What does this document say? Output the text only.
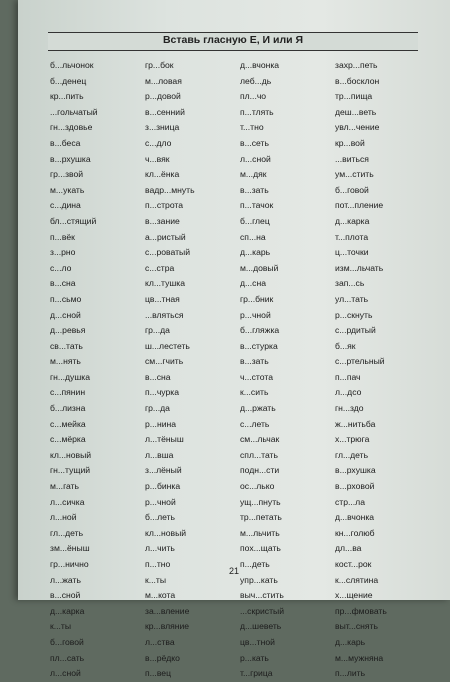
Вставь гласную Е, И или Я
б...льчонок
б...денец
кр...пить
...гольчатый
гн...здовье
в...беса
в...рхушка
гр...звой
м...укать
с...дина
бл...стящий
п...вёк
з...рно
с...ло
в...сна
п...сьмо
д...сной
д...ревья
св...тать
м...нять
гн...душка
с...пянин
б...лизна
с...мейка
с...мёрка
кл...новый
гн...тущий
м...гать
л...сичка
л...ной
гл...деть
зм...ёныш
гр...нично
л...жать
в...сной
д...карка
к...ты
б...говой
пл...сать
л...сной
гр...бок
м...ловая
р...довой
в...сенний
з...зница
с...дло
ч...вяк
кл...ёнка
вадр...мнуть
п...строта
в...зание
а...ристый
с...роватый
с...стра
кл...тушка
цв...тная
...вляться
гр...да
ш...лестеть
см...гчить
в...сна
п...чурка
гр...да
р...нина
л...тёныш
л...вша
з...лёный
р...бинка
р...чной
б...леть
кл...новый
л...чить
п...тно
к...ты
м...кота
за...вление
кр...вляние
л...ства
в...рёдко
п...вец
д...вчонка
леб...дь
пл...чо
п...тлять
т...тно
в...сеть
л...сной
м...дяк
в...зать
п...тачок
б...глец
сп...на
д...карь
м...довый
д...сна
гр...бник
р...чной
б...гляжка
в...стурка
в...зать
ч...стота
к...сить
д...ржать
с...леть
см...льчак
спл...тать
подн...сти
ос...лько
ущ...пнуть
тр...петать
м...льчить
пох...щать
п...деть
упр...кать
выч...стить
...скристый
д...шеветь
цв...тной
р...кать
т...грица
захр...петь
в...босклон
тр...пища
деш...веть
увл...чение
кр...вой
...виться
ум...стить
б...говой
пот...пление
д...карка
т...плота
ц...точки
изм...льчать
зап...сь
ул...тать
р...скнуть
с...рдитый
б...як
с...ртельный
п...пач
л...дсо
гн...здо
ж...нитьба
х...трюга
гл...деть
в...рхушка
в...рховой
стр...ла
д...вчонка
кн...голюб
дл...ва
кост...рок
к...слятина
х...щение
пр...фмовать
выт...снять
д...карь
м...мужняна
п...лить
21
